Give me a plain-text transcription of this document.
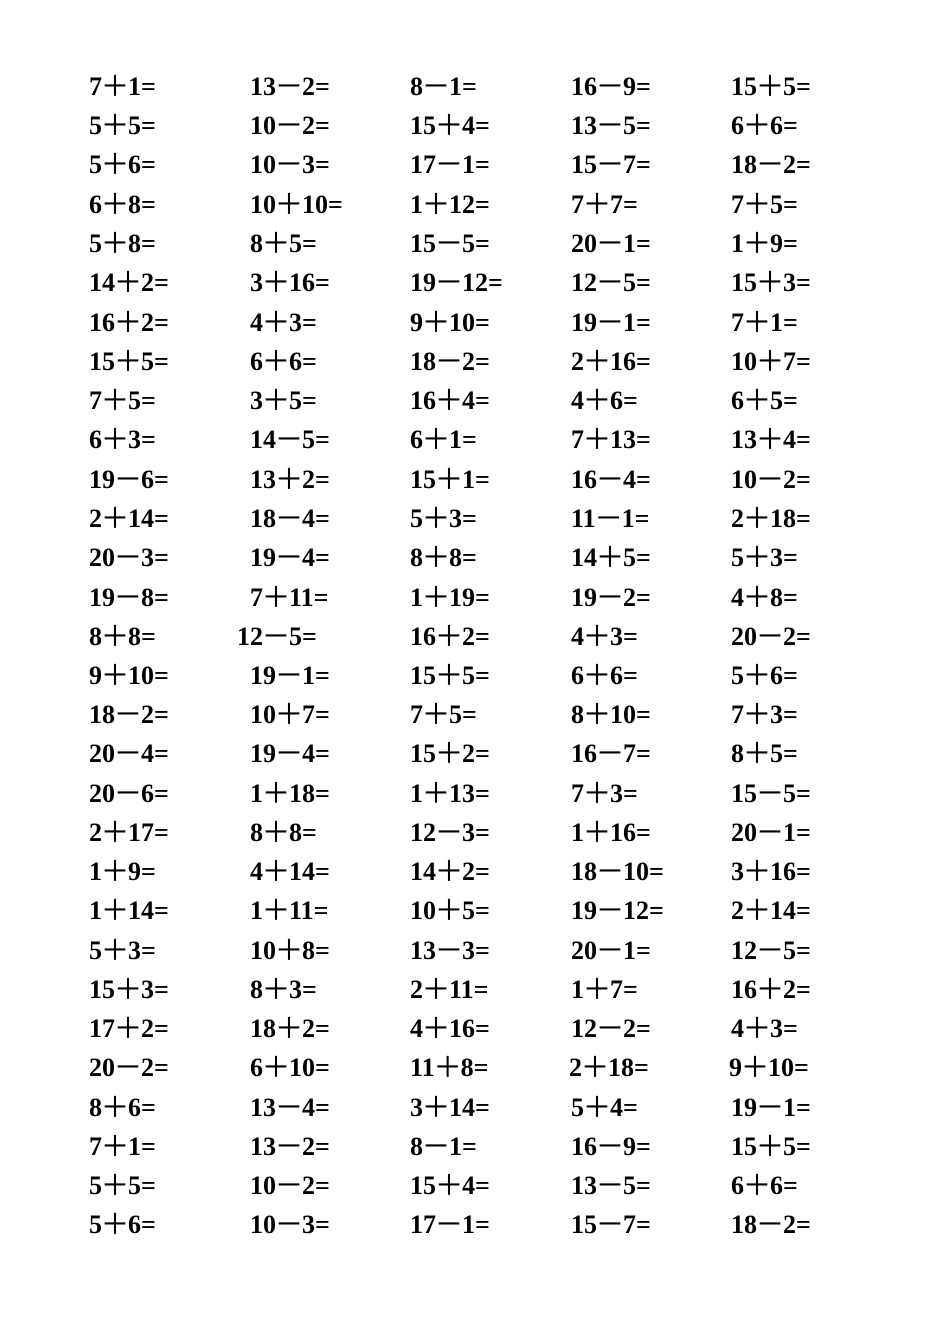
7＋1=	13－2=	8－1=	16－9=	15＋5=
5＋5=	10－2=	15＋4=	13－5=	6＋6=
5＋6=	10－3=	17－1=	15－7=	18－2=
6＋8=	10＋10=	1＋12=	7＋7=	7＋5=
5＋8=	8＋5=	15－5=	20－1=	1＋9=
14＋2=	3＋16=	19－12=	12－5=	15＋3=
16＋2=	4＋3=	9＋10=	19－1=	7＋1=
15＋5=	6＋6=	18－2=	2＋16=	10＋7=
7＋5=	3＋5=	16＋4=	4＋6=	6＋5=
6＋3=	14－5=	6＋1=	7＋13=	13＋4=
19－6=	13＋2=	15＋1=	16－4=	10－2=
2＋14=	18－4=	5＋3=	11－1=	2＋18=
20－3=	19－4=	8＋8=	14＋5=	5＋3=
19－8=	7＋11=	1＋19=	19－2=	4＋8=
8＋8=	12－5=	16＋2=	4＋3=	20－2=
9＋10=	19－1=	15＋5=	6＋6=	5＋6=
18－2=	10＋7=	7＋5=	8＋10=	7＋3=
20－4=	19－4=	15＋2=	16－7=	8＋5=
20－6=	1＋18=	1＋13=	7＋3=	15－5=
2＋17=	8＋8=	12－3=	1＋16=	20－1=
1＋9=	4＋14=	14＋2=	18－10=	3＋16=
1＋14=	1＋11=	10＋5=	19－12=	2＋14=
5＋3=	10＋8=	13－3=	20－1=	12－5=
15＋3=	8＋3=	2＋11=	1＋7=	16＋2=
17＋2=	18＋2=	4＋16=	12－2=	4＋3=
20－2=	6＋10=	11＋8=	2＋18=	9＋10=
8＋6=	13－4=	3＋14=	5＋4=	19－1=
7＋1=	13－2=	8－1=	16－9=	15＋5=
5＋5=	10－2=	15＋4=	13－5=	6＋6=
5＋6=	10－3=	17－1=	15－7=	18－2=
